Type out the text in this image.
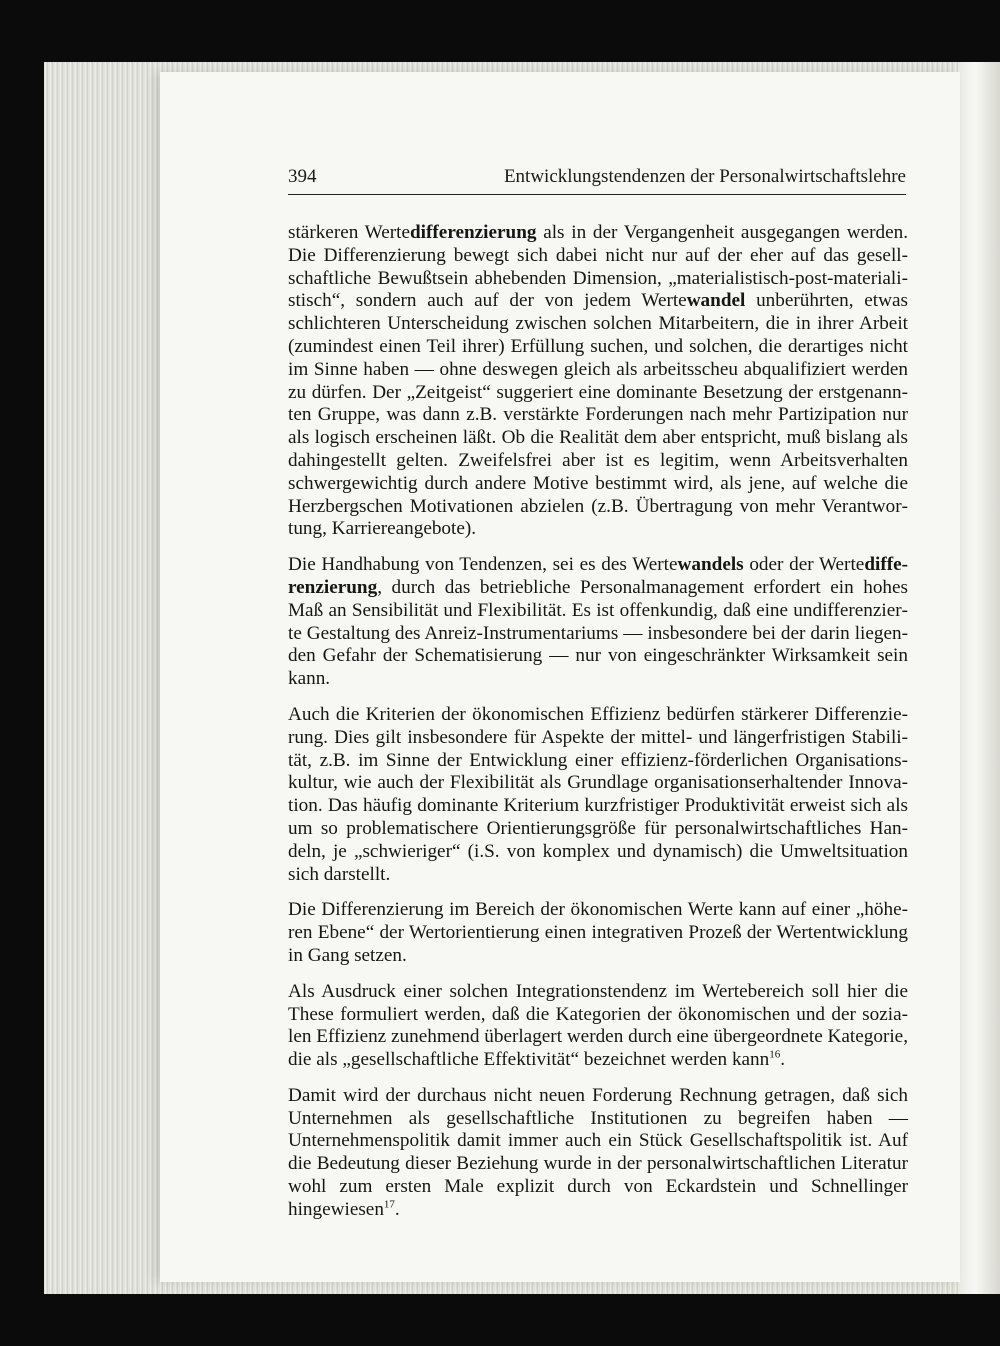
394	Entwicklungstendenzen der Personalwirtschaftslehre

stärkeren Wertedifferenzierung als in der Vergangenheit ausgegangen werden. Die Differenzierung bewegt sich dabei nicht nur auf der eher auf das gesellschaftliche Bewußtsein abhebenden Dimension, „materialistisch-post-materialistisch“, sondern auch auf der von jedem Wertewandel unberührten, etwas schlichteren Unterscheidung zwischen solchen Mitarbeitern, die in ihrer Arbeit (zumindest einen Teil ihrer) Erfüllung suchen, und solchen, die derartiges nicht im Sinne haben — ohne deswegen gleich als arbeitsscheu abqualifiziert werden zu dürfen. Der „Zeitgeist“ suggeriert eine dominante Besetzung der erstgenannten Gruppe, was dann z.B. verstärkte Forderungen nach mehr Partizipation nur als logisch erscheinen läßt. Ob die Realität dem aber entspricht, muß bislang als dahingestellt gelten. Zweifelsfrei aber ist es legitim, wenn Arbeitsverhalten schwergewichtig durch andere Motive bestimmt wird, als jene, auf welche die Herzbergschen Motivationen abzielen (z.B. Übertragung von mehr Verantwortung, Karriereangebote).

Die Handhabung von Tendenzen, sei es des Wertewandels oder der Wertedifferenzierung, durch das betriebliche Personalmanagement erfordert ein hohes Maß an Sensibilität und Flexibilität. Es ist offenkundig, daß eine undifferenzierte Gestaltung des Anreiz-Instrumentariums — insbesondere bei der darin liegenden Gefahr der Schematisierung — nur von eingeschränkter Wirksamkeit sein kann.

Auch die Kriterien der ökonomischen Effizienz bedürfen stärkerer Differenzierung. Dies gilt insbesondere für Aspekte der mittel- und längerfristigen Stabilität, z.B. im Sinne der Entwicklung einer effizienz-förderlichen Organisationskultur, wie auch der Flexibilität als Grundlage organisationserhaltender Innovation. Das häufig dominante Kriterium kurzfristiger Produktivität erweist sich als um so problematischere Orientierungsgröße für personalwirtschaftliches Handeln, je „schwieriger“ (i.S. von komplex und dynamisch) die Umweltsituation sich darstellt.

Die Differenzierung im Bereich der ökonomischen Werte kann auf einer „höheren Ebene“ der Wertorientierung einen integrativen Prozeß der Wertentwicklung in Gang setzen.

Als Ausdruck einer solchen Integrationstendenz im Wertebereich soll hier die These formuliert werden, daß die Kategorien der ökonomischen und der sozialen Effizienz zunehmend überlagert werden durch eine übergeordnete Kategorie, die als „gesellschaftliche Effektivität“ bezeichnet werden kann$^{16}$.

Damit wird der durchaus nicht neuen Forderung Rechnung getragen, daß sich Unternehmen als gesellschaftliche Institutionen zu begreifen haben — Unternehmenspolitik damit immer auch ein Stück Gesellschaftspolitik ist. Auf die Bedeutung dieser Beziehung wurde in der personalwirtschaftlichen Literatur wohl zum ersten Male explizit durch von Eckardstein und Schnellinger hingewiesen$^{17}$.
